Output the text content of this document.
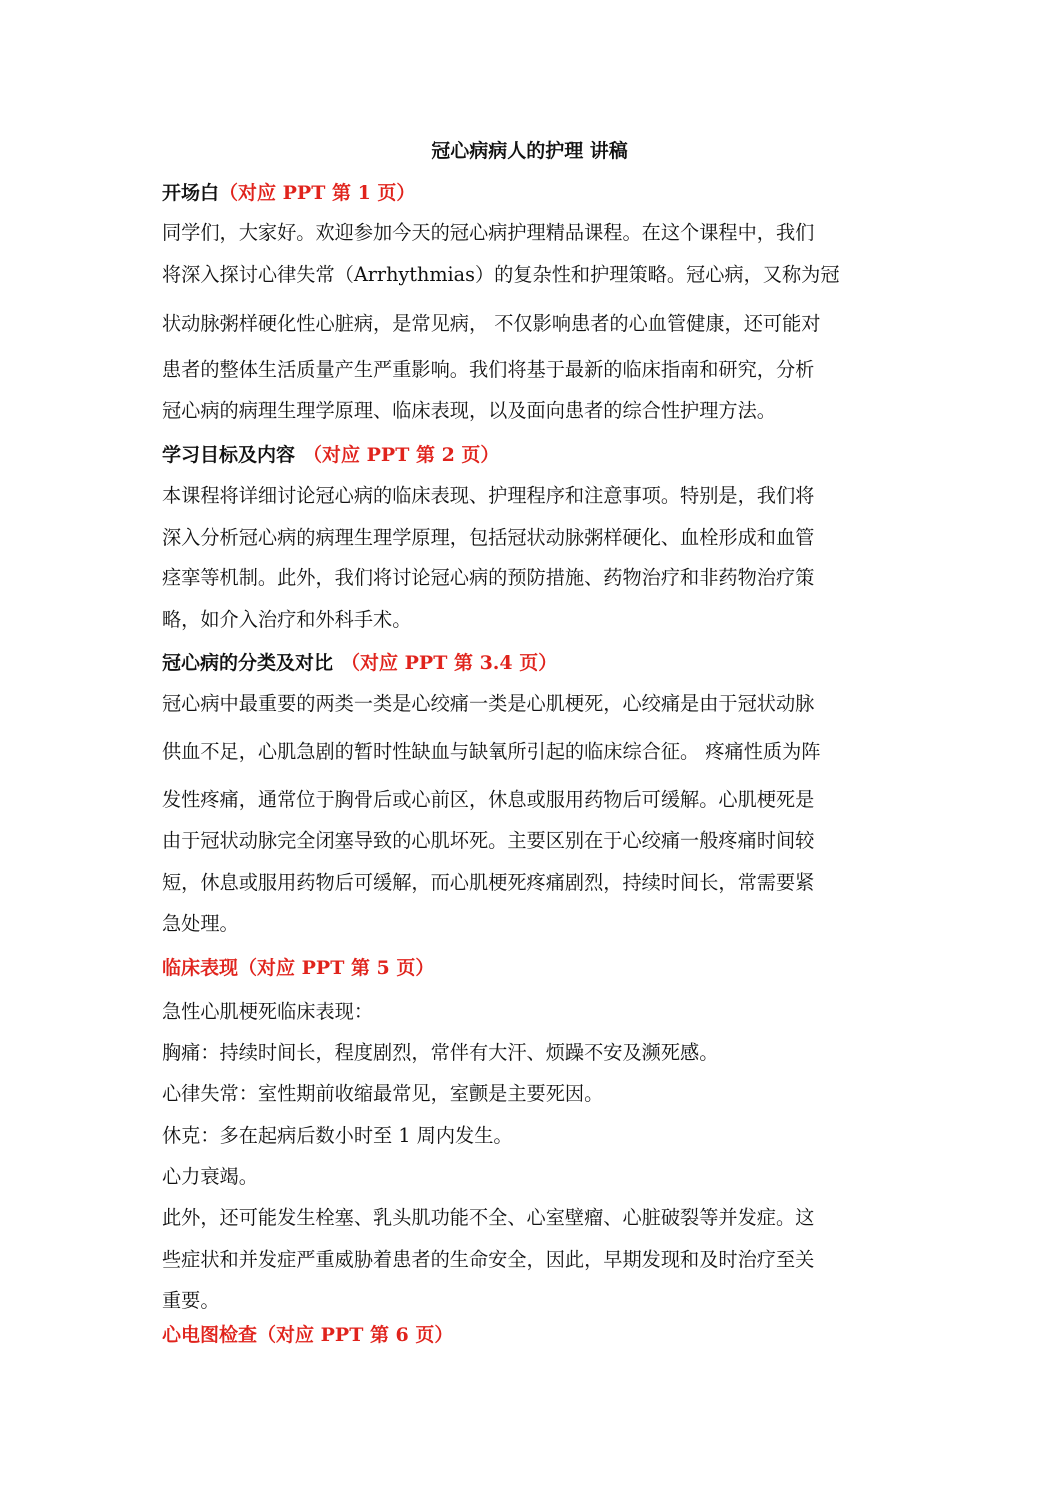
冠心病病人的护理 讲稿
开场白（对应 PPT 第 1 页）
同学们，大家好。欢迎参加今天的冠心病护理精品课程。在这个课程中，我们
将深入探讨心律失常（Arrhythmias）的复杂性和护理策略。冠心病，又称为冠
状动脉粥样硬化性心脏病，是常见病， 不仅影响患者的心血管健康，还可能对
患者的整体生活质量产生严重影响。我们将基于最新的临床指南和研究，分析
冠心病的病理生理学原理、临床表现，以及面向患者的综合性护理方法。
学习目标及内容 （对应 PPT 第 2 页）
本课程将详细讨论冠心病的临床表现、护理程序和注意事项。特别是，我们将
深入分析冠心病的病理生理学原理，包括冠状动脉粥样硬化、血栓形成和血管
痉挛等机制。此外，我们将讨论冠心病的预防措施、药物治疗和非药物治疗策
略，如介入治疗和外科手术。
冠心病的分类及对比 （对应 PPT 第 3.4 页）
冠心病中最重要的两类一类是心绞痛一类是心肌梗死，心绞痛是由于冠状动脉
供血不足，心肌急剧的暂时性缺血与缺氧所引起的临床综合征。 疼痛性质为阵
发性疼痛，通常位于胸骨后或心前区，休息或服用药物后可缓解。心肌梗死是
由于冠状动脉完全闭塞导致的心肌坏死。主要区别在于心绞痛一般疼痛时间较
短，休息或服用药物后可缓解，而心肌梗死疼痛剧烈，持续时间长，常需要紧
急处理。
临床表现（对应 PPT 第 5 页）
急性心肌梗死临床表现：
胸痛：持续时间长，程度剧烈，常伴有大汗、烦躁不安及濒死感。
心律失常：室性期前收缩最常见，室颤是主要死因。
休克：多在起病后数小时至 1 周内发生。
心力衰竭。
此外，还可能发生栓塞、乳头肌功能不全、心室壁瘤、心脏破裂等并发症。这
些症状和并发症严重威胁着患者的生命安全，因此，早期发现和及时治疗至关
重要。
心电图检查（对应 PPT 第 6 页）
